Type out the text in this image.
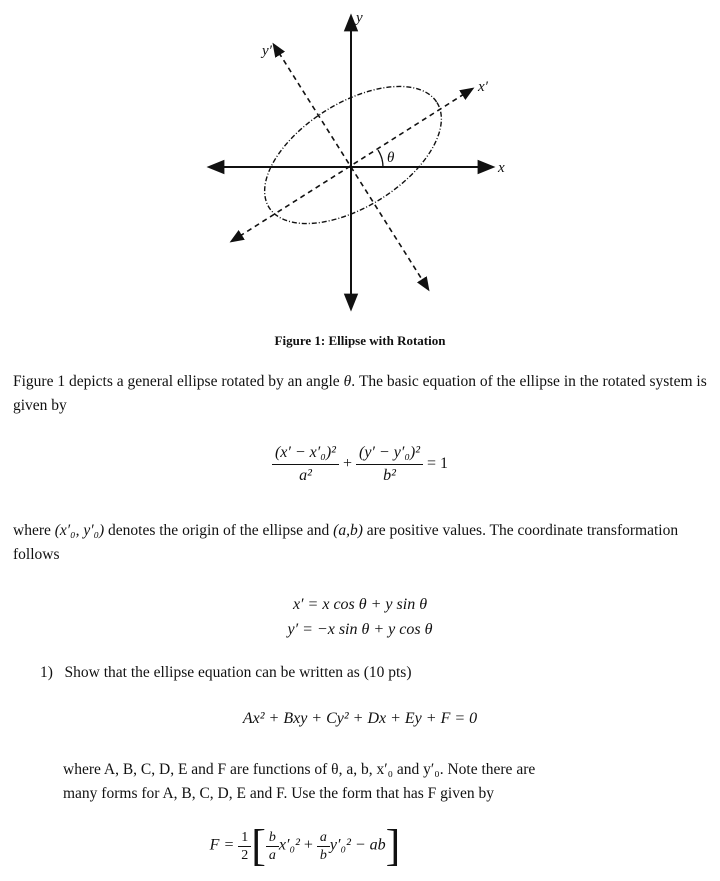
y
x
y′
x′
θ
Figure 1: Ellipse with Rotation
Figure 1 depicts a general ellipse rotated by an angle θ. The basic equation of the ellipse in the rotated system is given by
$\frac{\text{(x′ − x′₀)²}}{\text{a²}} + \frac{\text{(y′ − y′₀)²}}{\text{b²}} = 1$
where (x′₀, y′₀) denotes the origin of the ellipse and (a,b) are positive values. The coordinate transformation follows
x′ = x cos θ + y sin θ
y′ = −x sin θ + y cos θ
1) Show that the ellipse equation can be written as (10 pts)
Ax² + Bxy + Cy² + Dx + Ey + F = 0
where A, B, C, D, E and F are functions of θ, a, b, x′₀ and y′₀. Note there are
many forms for A, B, C, D, E and F. Use the form that has F given by
$F = \frac{1}{2}$ [ $\frac{b}{a} x'_0^2 + \frac{a}{b} y'_0^2 - ab$]
